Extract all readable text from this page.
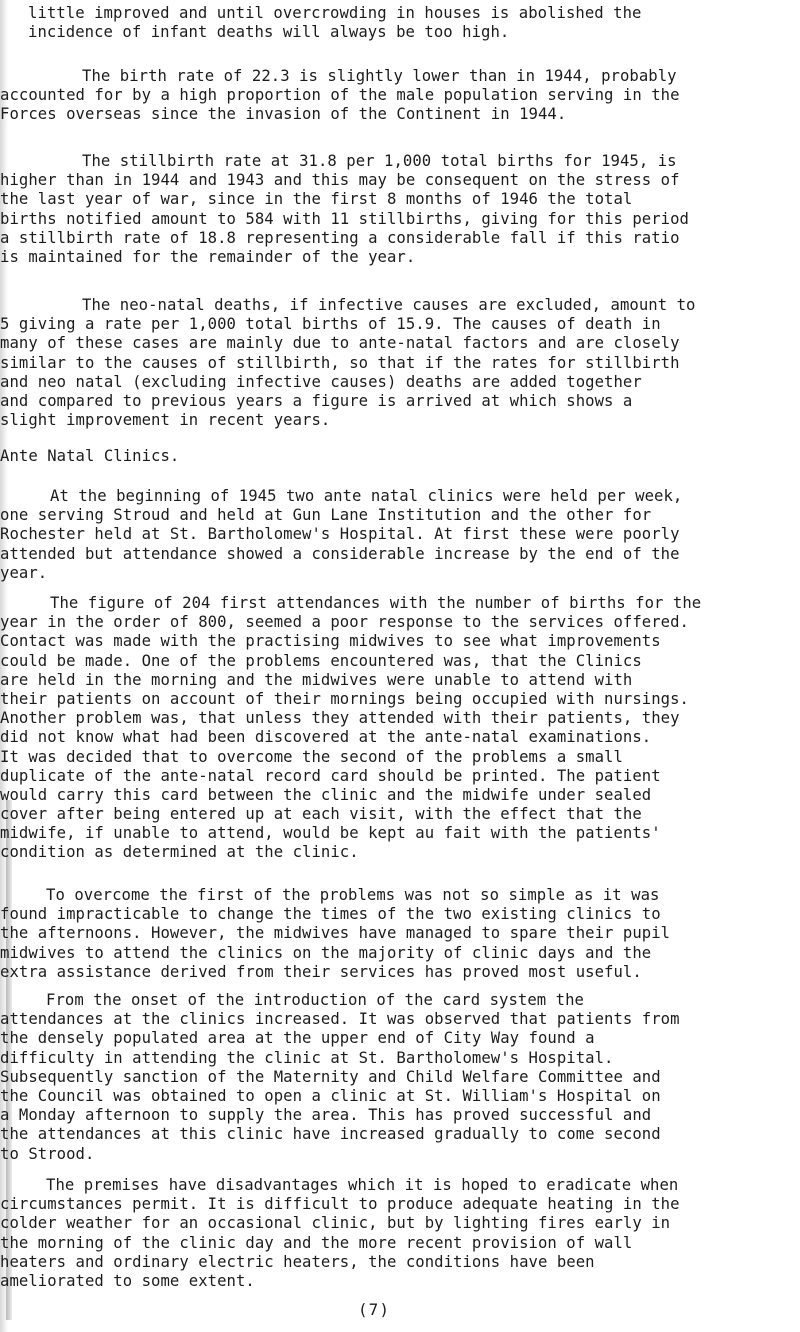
little improved and until overcrowding in houses is abolished the
incidence of infant deaths will always be too high.
The birth rate of 22.3 is slightly lower than in 1944, probably
accounted for by a high proportion of the male population serving in the
Forces overseas since the invasion of the Continent in 1944.
The stillbirth rate at 31.8 per 1,000 total births for 1945, is
higher than in 1944 and 1943 and this may be consequent on the stress of
the last year of war, since in the first 8 months of 1946 the total
births notified amount to 584 with 11 stillbirths, giving for this period
a stillbirth rate of 18.8 representing a considerable fall if this ratio
is maintained for the remainder of the year.
The neo-natal deaths, if infective causes are excluded, amount to
5 giving a rate per 1,000 total births of 15.9. The causes of death in
many of these cases are mainly due to ante-natal factors and are closely
similar to the causes of stillbirth, so that if the rates for stillbirth
and neo natal (excluding infective causes) deaths are added together
and compared to previous years a figure is arrived at which shows a
slight improvement in recent years.
Ante Natal Clinics.
At the beginning of 1945 two ante natal clinics were held per week,
one serving Stroud and held at Gun Lane Institution and the other for
Rochester held at St. Bartholomew's Hospital. At first these were poorly
attended but attendance showed a considerable increase by the end of the
year.
The figure of 204 first attendances with the number of births for the
year in the order of 800, seemed a poor response to the services offered.
Contact was made with the practising midwives to see what improvements
could be made. One of the problems encountered was, that the Clinics
are held in the morning and the midwives were unable to attend with
their patients on account of their mornings being occupied with nursings.
Another problem was, that unless they attended with their patients, they
did not know what had been discovered at the ante-natal examinations.
It was decided that to overcome the second of the problems a small
duplicate of the ante-natal record card should be printed. The patient
would carry this card between the clinic and the midwife under sealed
cover after being entered up at each visit, with the effect that the
midwife, if unable to attend, would be kept au fait with the patients'
condition as determined at the clinic.
To overcome the first of the problems was not so simple as it was
found impracticable to change the times of the two existing clinics to
the afternoons. However, the midwives have managed to spare their pupil
midwives to attend the clinics on the majority of clinic days and the
extra assistance derived from their services has proved most useful.
From the onset of the introduction of the card system the
attendances at the clinics increased. It was observed that patients from
the densely populated area at the upper end of City Way found a
difficulty in attending the clinic at St. Bartholomew's Hospital.
Subsequently sanction of the Maternity and Child Welfare Committee and
the Council was obtained to open a clinic at St. William's Hospital on
a Monday afternoon to supply the area. This has proved successful and
the attendances at this clinic have increased gradually to come second
to Strood.
The premises have disadvantages which it is hoped to eradicate when
circumstances permit. It is difficult to produce adequate heating in the
colder weather for an occasional clinic, but by lighting fires early in
the morning of the clinic day and the more recent provision of wall
heaters and ordinary electric heaters, the conditions have been
ameliorated to some extent.
(7)
